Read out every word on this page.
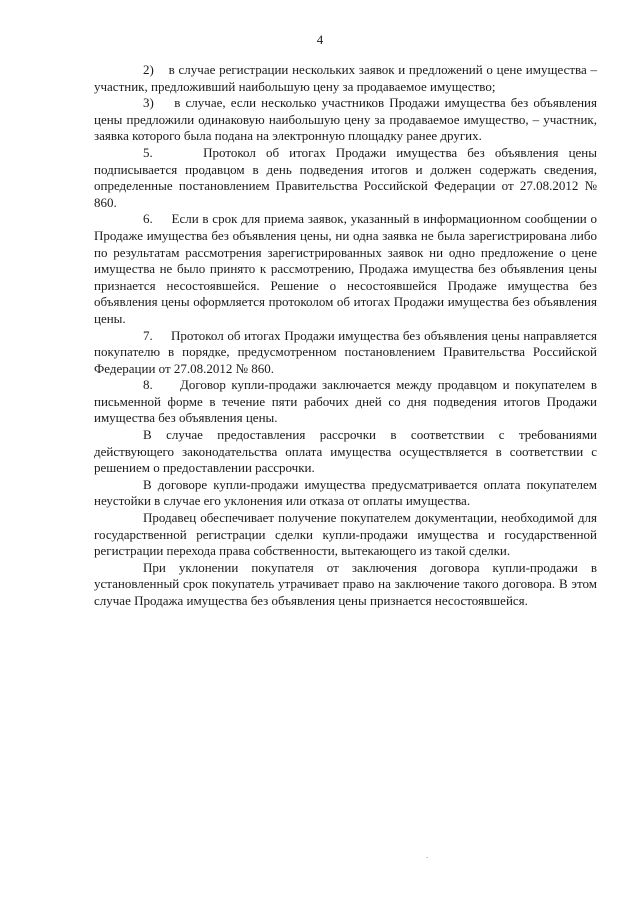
4

2)    в случае регистрации нескольких заявок и предложений о цене имущества – участник, предложивший наибольшую цену за продаваемое имущество;

3)    в случае, если несколько участников Продажи имущества без объявления цены предложили одинаковую наибольшую цену за продаваемое имущество, – участник, заявка которого была подана на электронную площадку ранее других.

5.     Протокол об итогах Продажи имущества без объявления цены подписывается продавцом в день подведения итогов и должен содержать сведения, определенные постановлением Правительства Российской Федерации от 27.08.2012 № 860.

6.     Если в срок для приема заявок, указанный в информационном сообщении о Продаже имущества без объявления цены, ни одна заявка не была зарегистрирована либо по результатам рассмотрения зарегистрированных заявок ни одно предложение о цене имущества не было принято к рассмотрению, Продажа имущества без объявления цены признается несостоявшейся. Решение о несостоявшейся Продаже имущества без объявления цены оформляется протоколом об итогах Продажи имущества без объявления цены.

7.     Протокол об итогах Продажи имущества без объявления цены направляется покупателю в порядке, предусмотренном постановлением Правительства Российской Федерации от 27.08.2012 № 860.

8.     Договор купли-продажи заключается между продавцом и покупателем в письменной форме в течение пяти рабочих дней со дня подведения итогов Продажи имущества без объявления цены.

В случае предоставления рассрочки в соответствии с требованиями действующего законодательства оплата имущества осуществляется в соответствии с решением о предоставлении рассрочки.

В договоре купли-продажи имущества предусматривается оплата покупателем неустойки в случае его уклонения или отказа от оплаты имущества.

Продавец обеспечивает получение покупателем документации, необходимой для государственной регистрации сделки купли-продажи имущества и государственной регистрации перехода права собственности, вытекающего из такой сделки.

При уклонении покупателя от заключения договора купли-продажи в установленный срок покупатель утрачивает право на заключение такого договора. В этом случае Продажа имущества без объявления цены признается несостоявшейся.

.
